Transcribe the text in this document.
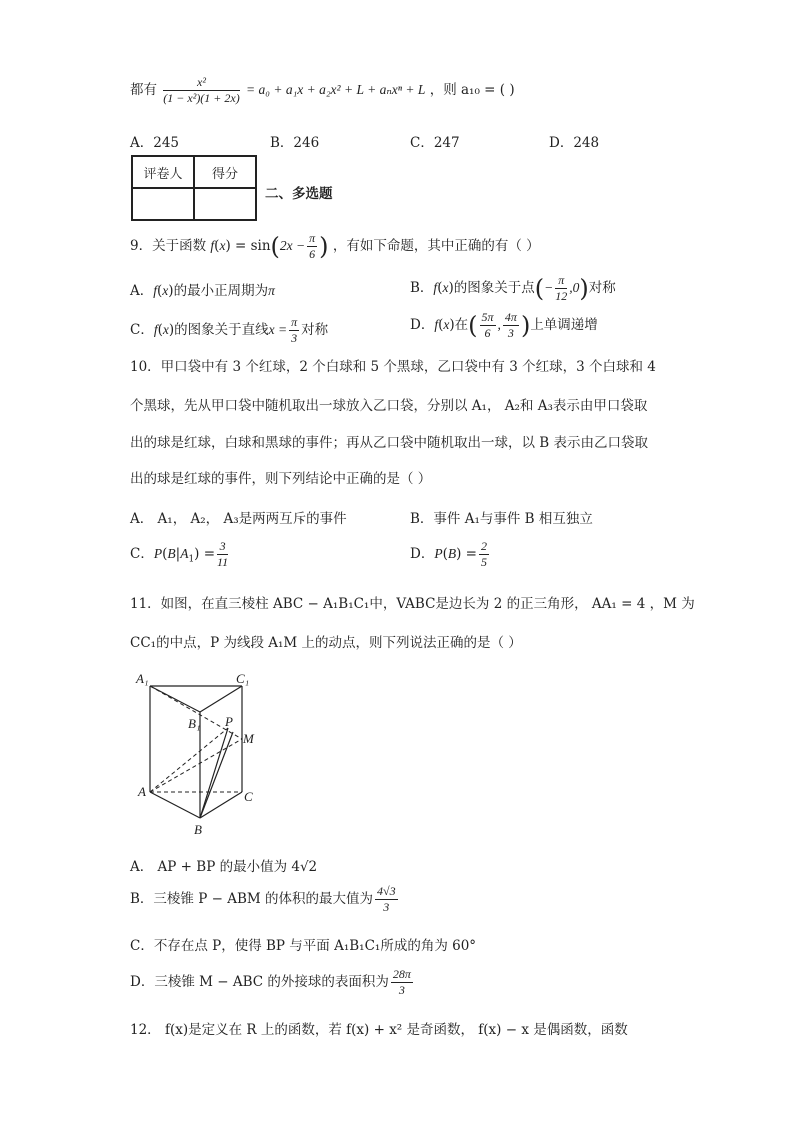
都有 $\frac{\text{x²}}{\text{(1 − x²)(1 + 2x)}} = a_0 + a_1x + a_2x^2 + L + a_nx^n + L$ ，则 a₁₀ = ( )
A．245	B．246	C．247	D．248
评卷人	得分

二、多选题
9．关于函数 $f(x) = \sin(2x - \frac{\pi}{6}$ ) ，有如下命题，其中正确的有（ ）
A．f(x)的最小正周期为π	B．f(x)的图象关于点(− $\frac{\pi}{12} ,0$)对称
C．f(x)的图象关于直线$x = \frac{\pi}{3}$ 对称	D．f(x)在( $\frac{5\pi}{6}$ , $\frac{4\pi}{3}$ )上单调递增
10．甲口袋中有 3 个红球，2 个白球和 5 个黑球，乙口袋中有 3 个红球，3 个白球和 4
个黑球，先从甲口袋中随机取出一球放入乙口袋，分别以 A₁， A₂和 A₃表示由甲口袋取
出的球是红球，白球和黑球的事件；再从乙口袋中随机取出一球，以 B 表示由乙口袋取
出的球是红球的事件，则下列结论中正确的是（ ）
A． A₁， A₂， A₃是两两互斥的事件	B．事件 A₁与事件 B 相互独立
C．$P(B|A_1) = \frac{3}{11}$	D．$P(B) = \frac{2}{5}$
11．如图，在直三棱柱 ABC − A₁B₁C₁中，VABC是边长为 2 的正三角形， AA₁ = 4 ，M 为
CC₁的中点，P 为线段 A₁M 上的动点，则下列说法正确的是（ ）
A₁	C₁
B₁ P
M
A	C
B
A． AP + BP 的最小值为 4√2
B．三棱锥 P − ABM 的体积的最大值为 $\frac{4√3}{3}$
C．不存在点 P，使得 BP 与平面 A₁B₁C₁所成的角为 60°
D．三棱锥 M − ABC 的外接球的表面积为 $\frac{28\pi}{3}$
12． f(x)是定义在 R 上的函数，若 f(x) + x² 是奇函数， f(x) − x 是偶函数，函数
